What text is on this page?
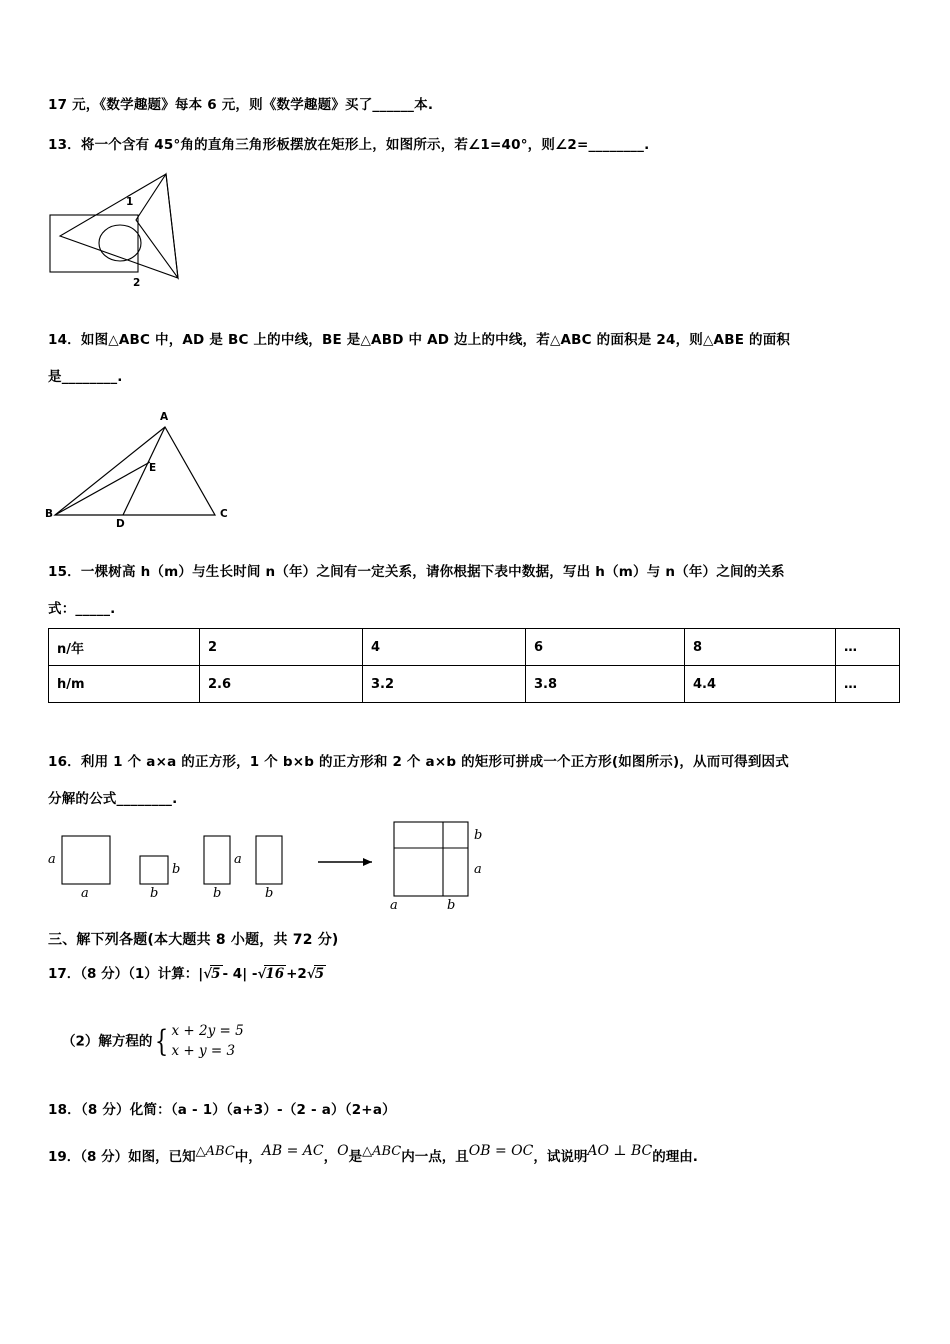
17 元，《数学趣题》每本 6 元，则《数学趣题》买了______本.
13．将一个含有 45°角的直角三角形板摆放在矩形上，如图所示，若∠1=40°，则∠2=________.
1
2
14．如图△ABC 中，AD 是 BC 上的中线，BE 是△ABD 中 AD 边上的中线，若△ABC 的面积是 24，则△ABE 的面积
是________.
A
B	C
D
E
15．一棵树高 h（m）与生长时间 n（年）之间有一定关系，请你根据下表中数据，写出 h（m）与 n（年）之间的关系
式：_____.
n/年	2	4	6	8	…
h/m	2.6	3.2	3.8	4.4	…
16．利用 1 个 a×a 的正方形，1 个 b×b 的正方形和 2 个 a×b 的矩形可拼成一个正方形(如图所示)，从而可得到因式
分解的公式________.
a
a
b
b
a
b	b
b
a
a	b
三、解下列各题(本大题共 8 小题，共 72 分)
17．（8 分）（1）计算：|√5 - 4| -√16 +2√5
（2）解方程的{ x + 2y = 5
x + y = 3
18．（8 分）化简：（a - 1）（a+3）-（2 - a）（2+a）
19．（8 分）如图，已知△ABC中，AB = AC，O是△ABC内一点，且OB = OC，试说明AO ⊥ BC的理由.
